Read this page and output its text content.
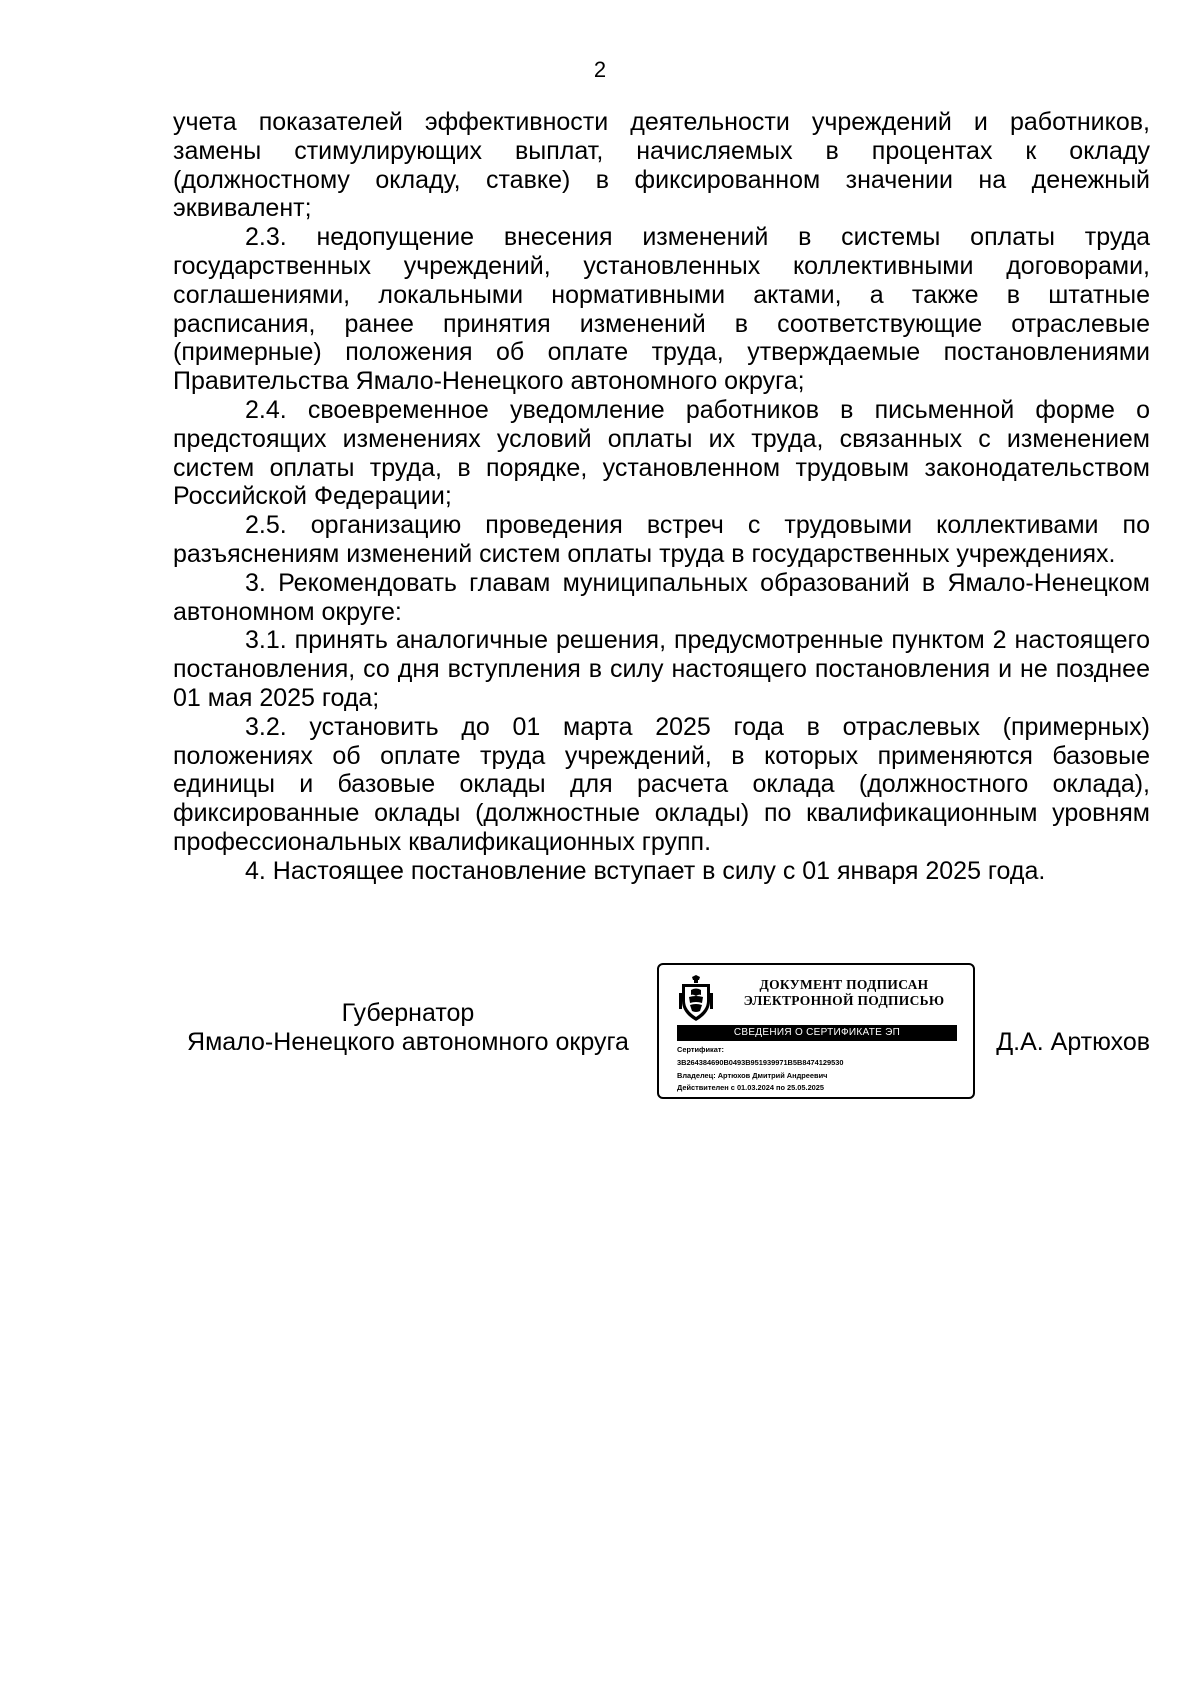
2

учета показателей эффективности деятельности учреждений и работников, замены стимулирующих выплат, начисляемых в процентах к окладу (должностному окладу, ставке) в фиксированном значении на денежный эквивалент;

2.3. недопущение внесения изменений в системы оплаты труда государственных учреждений, установленных коллективными договорами, соглашениями, локальными нормативными актами, а также в штатные расписания, ранее принятия изменений в соответствующие отраслевые (примерные) положения об оплате труда, утверждаемые постановлениями Правительства Ямало-Ненецкого автономного округа;

2.4. своевременное уведомление работников в письменной форме о предстоящих изменениях условий оплаты их труда, связанных с изменением систем оплаты труда, в порядке, установленном трудовым законодательством Российской Федерации;

2.5. организацию проведения встреч с трудовыми коллективами по разъяснениям изменений систем оплаты труда в государственных учреждениях.

3. Рекомендовать главам муниципальных образований в Ямало-Ненецком автономном округе:

3.1. принять аналогичные решения, предусмотренные пунктом 2 настоящего постановления, со дня вступления в силу настоящего постановления и не позднее 01 мая 2025 года;

3.2. установить до 01 марта 2025 года в отраслевых (примерных) положениях об оплате труда учреждений, в которых применяются базовые единицы и базовые оклады для расчета оклада (должностного оклада), фиксированные оклады (должностные оклады) по квалификационным уровням профессиональных квалификационных групп.

4. Настоящее постановление вступает в силу с 01 января 2025 года.

Губернатор
Ямало-Ненецкого автономного округа
ДОКУМЕНТ ПОДПИСАН
ЭЛЕКТРОННОЙ ПОДПИСЬЮ
СВЕДЕНИЯ О СЕРТИФИКАТЕ ЭП
Сертификат:
3B264384690B0493B951939971B5B8474129530
Владелец: Артюхов Дмитрий Андреевич
Действителен с 01.03.2024 по 25.05.2025
Д.А. Артюхов
